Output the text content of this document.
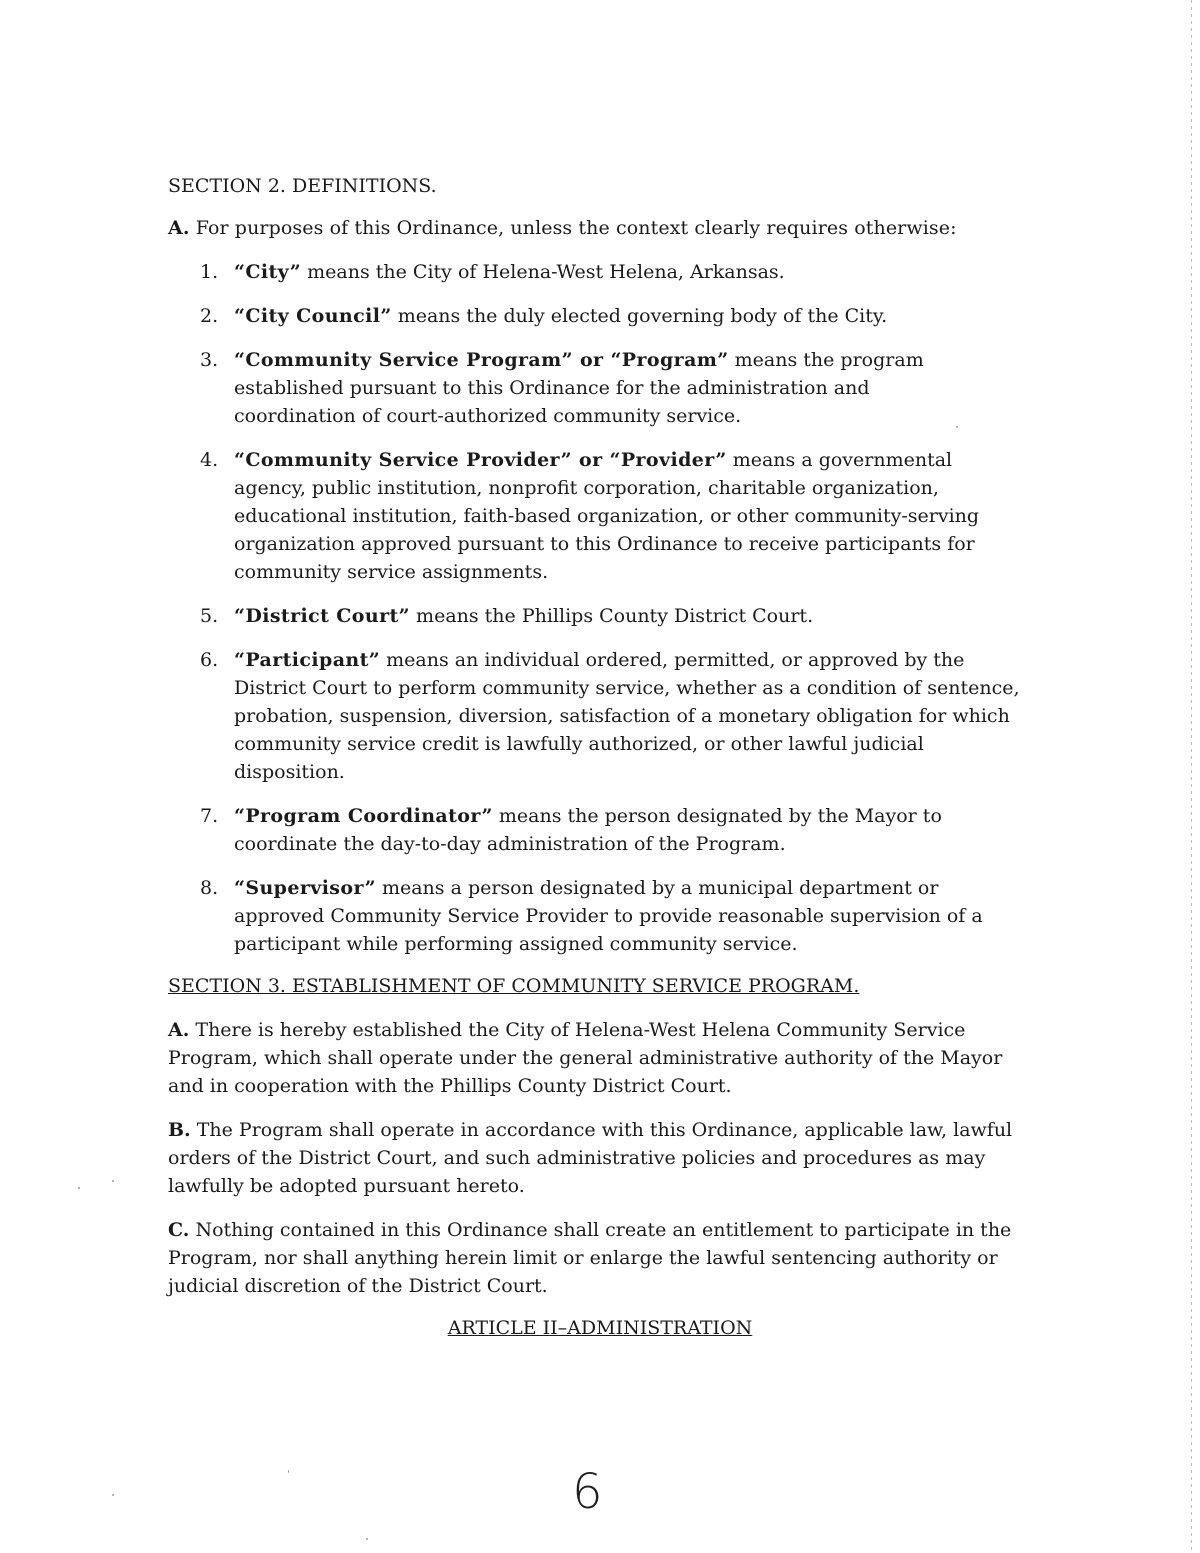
SECTION 2. DEFINITIONS.
A. For purposes of this Ordinance, unless the context clearly requires otherwise:
1. “City” means the City of Helena-West Helena, Arkansas.
2. “City Council” means the duly elected governing body of the City.
3. “Community Service Program” or “Program” means the program established pursuant to this Ordinance for the administration and coordination of court-authorized community service.
4. “Community Service Provider” or “Provider” means a governmental agency, public institution, nonprofit corporation, charitable organization, educational institution, faith-based organization, or other community-serving organization approved pursuant to this Ordinance to receive participants for community service assignments.
5. “District Court” means the Phillips County District Court.
6. “Participant” means an individual ordered, permitted, or approved by the District Court to perform community service, whether as a condition of sentence, probation, suspension, diversion, satisfaction of a monetary obligation for which community service credit is lawfully authorized, or other lawful judicial disposition.
7. “Program Coordinator” means the person designated by the Mayor to coordinate the day-to-day administration of the Program.
8. “Supervisor” means a person designated by a municipal department or approved Community Service Provider to provide reasonable supervision of a participant while performing assigned community service.
SECTION 3. ESTABLISHMENT OF COMMUNITY SERVICE PROGRAM.
A. There is hereby established the City of Helena-West Helena Community Service Program, which shall operate under the general administrative authority of the Mayor and in cooperation with the Phillips County District Court.
B. The Program shall operate in accordance with this Ordinance, applicable law, lawful orders of the District Court, and such administrative policies and procedures as may lawfully be adopted pursuant hereto.
C. Nothing contained in this Ordinance shall create an entitlement to participate in the Program, nor shall anything herein limit or enlarge the lawful sentencing authority or judicial discretion of the District Court.
ARTICLE II–ADMINISTRATION
6
